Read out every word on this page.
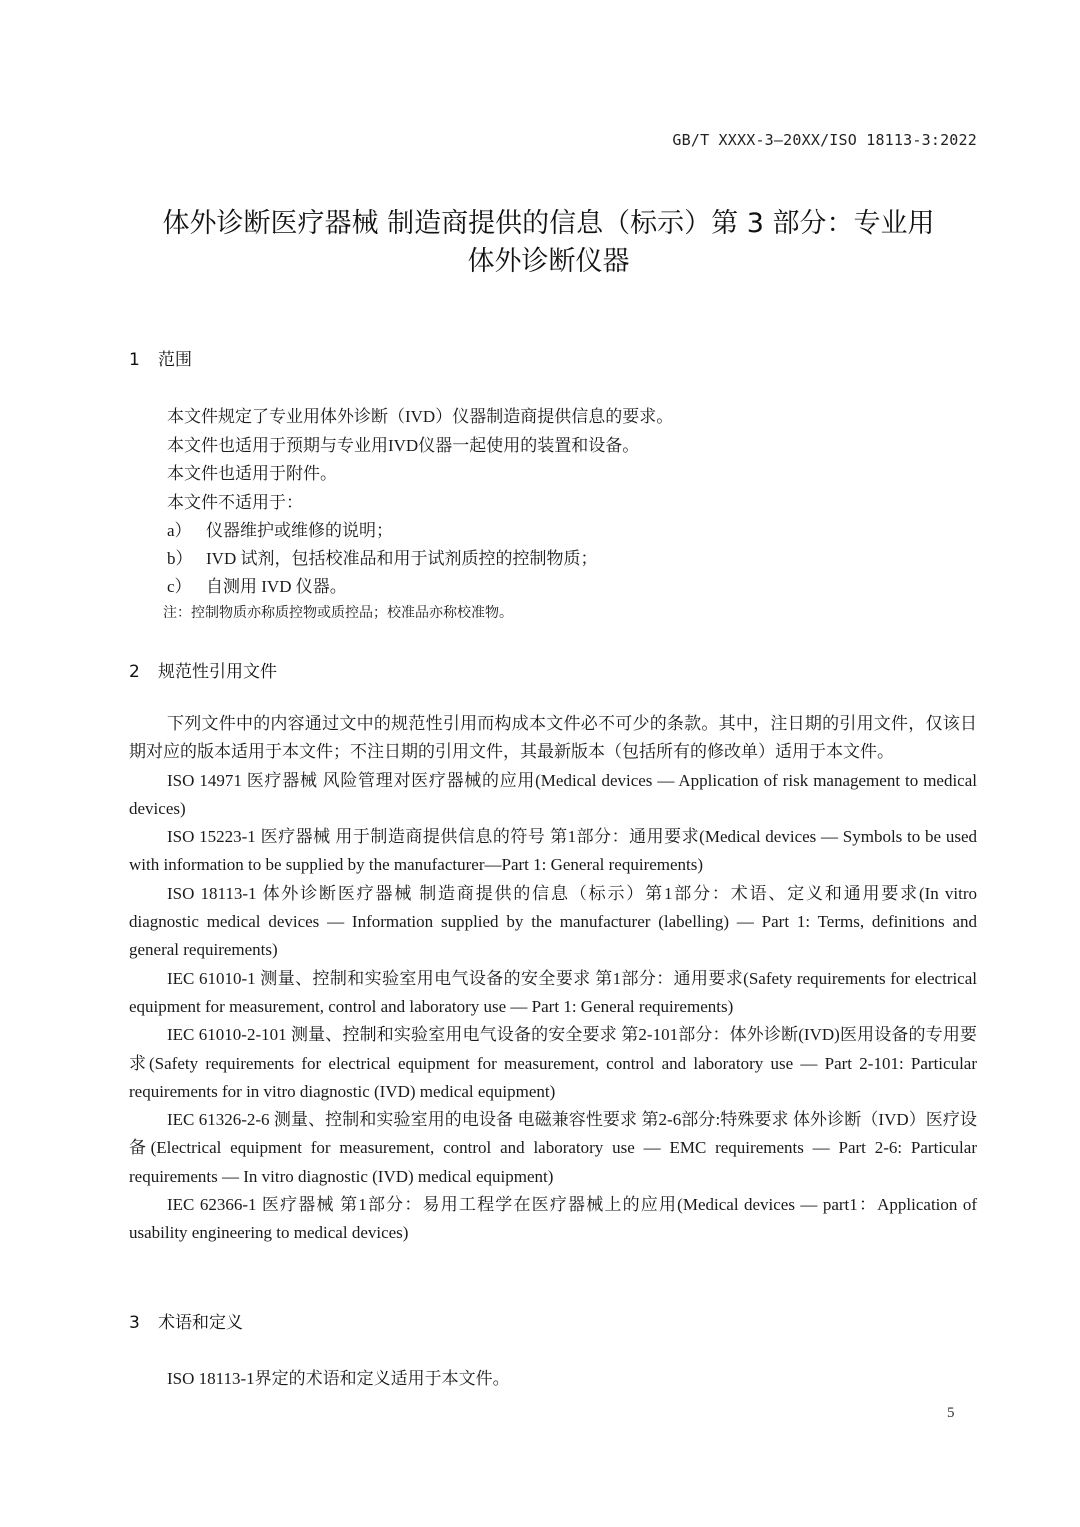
GB/T XXXX-3—20XX/ISO 18113-3:2022
体外诊断医疗器械 制造商提供的信息（标示）第 3 部分：专业用
体外诊断仪器
1 范围
本文件规定了专业用体外诊断（IVD）仪器制造商提供信息的要求。
本文件也适用于预期与专业用IVD仪器一起使用的装置和设备。
本文件也适用于附件。
本文件不适用于：
a） 仪器维护或维修的说明；
b） IVD 试剂，包括校准品和用于试剂质控的控制物质；
c） 自测用 IVD 仪器。
注：控制物质亦称质控物或质控品；校准品亦称校准物。
2 规范性引用文件

下列文件中的内容通过文中的规范性引用而构成本文件必不可少的条款。其中，注日期的引用文件，仅该日期对应的版本适用于本文件；不注日期的引用文件，其最新版本（包括所有的修改单）适用于本文件。

ISO 14971 医疗器械 风险管理对医疗器械的应用(Medical devices — Application of risk management to medical devices)

ISO 15223-1 医疗器械 用于制造商提供信息的符号 第1部分：通用要求(Medical devices — Symbols to be used with information to be supplied by the manufacturer—Part 1: General requirements)

ISO 18113-1 体外诊断医疗器械 制造商提供的信息（标示）第1部分：术语、定义和通用要求(In vitro diagnostic medical devices — Information supplied by the manufacturer (labelling) — Part 1: Terms, definitions and general requirements)

IEC 61010-1 测量、控制和实验室用电气设备的安全要求 第1部分：通用要求(Safety requirements for electrical equipment for measurement, control and laboratory use — Part 1: General requirements)

IEC 61010-2-101 测量、控制和实验室用电气设备的安全要求 第2-101部分：体外诊断(IVD)医用设备的专用要求(Safety requirements for electrical equipment for measurement, control and laboratory use — Part 2-101: Particular requirements for in vitro diagnostic (IVD) medical equipment)

IEC 61326-2-6 测量、控制和实验室用的电设备 电磁兼容性要求 第2-6部分:特殊要求 体外诊断（IVD）医疗设备(Electrical equipment for measurement, control and laboratory use — EMC requirements — Part 2-6: Particular requirements — In vitro diagnostic (IVD) medical equipment)

IEC 62366-1 医疗器械 第1部分：易用工程学在医疗器械上的应用(Medical devices — part1：Application of usability engineering to medical devices)

3 术语和定义
ISO 18113-1界定的术语和定义适用于本文件。
5
